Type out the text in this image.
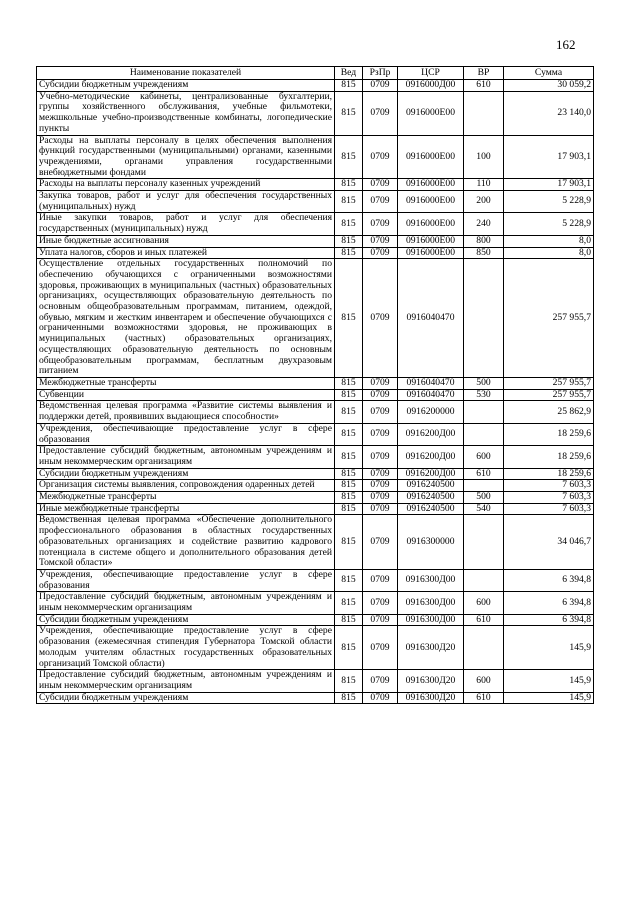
162
Наименование показателей	Вед	РзПр	ЦСР	ВР	Сумма
Субсидии бюджетным учреждениям	815	0709	0916000Д00	610	30 059,2
Учебно-методические кабинеты, централизованные бухгалтерии, группы хозяйственного обслуживания, учебные фильмотеки, межшкольные учебно-производственные комбинаты, логопедические пункты	815	0709	0916000Е00		23 140,0
Расходы на выплаты персоналу в целях обеспечения выполнения функций государственными (муниципальными) органами, казенными учреждениями, органами управления государственными внебюджетными фондами	815	0709	0916000Е00	100	17 903,1
Расходы на выплаты персоналу казенных учреждений	815	0709	0916000Е00	110	17 903,1
Закупка товаров, работ и услуг для обеспечения государственных (муниципальных) нужд	815	0709	0916000Е00	200	5 228,9
Иные закупки товаров, работ и услуг для обеспечения государственных (муниципальных) нужд	815	0709	0916000Е00	240	5 228,9
Иные бюджетные ассигнования	815	0709	0916000Е00	800	8,0
Уплата налогов, сборов и иных платежей	815	0709	0916000Е00	850	8,0
Осуществление отдельных государственных полномочий по обеспечению обучающихся с ограниченными возможностями здоровья, проживающих в муниципальных (частных) образовательных организациях, осуществляющих образовательную деятельность по основным общеобразовательным программам, питанием, одеждой, обувью, мягким и жестким инвентарем и обеспечение обучающихся с ограниченными возможностями здоровья, не проживающих в муниципальных (частных) образовательных организациях, осуществляющих образовательную деятельность по основным общеобразовательным программам, бесплатным двухразовым питанием	815	0709	0916040470		257 955,7
Межбюджетные трансферты	815	0709	0916040470	500	257 955,7
Субвенции	815	0709	0916040470	530	257 955,7
Ведомственная целевая программа «Развитие системы выявления и поддержки детей, проявивших выдающиеся способности»	815	0709	0916200000		25 862,9
Учреждения, обеспечивающие предоставление услуг в сфере образования	815	0709	0916200Д00		18 259,6
Предоставление субсидий бюджетным, автономным учреждениям и иным некоммерческим организациям	815	0709	0916200Д00	600	18 259,6
Субсидии бюджетным учреждениям	815	0709	0916200Д00	610	18 259,6
Организация системы выявления, сопровождения одаренных детей	815	0709	0916240500		7 603,3
Межбюджетные трансферты	815	0709	0916240500	500	7 603,3
Иные межбюджетные трансферты	815	0709	0916240500	540	7 603,3
Ведомственная целевая программа «Обеспечение дополнительного профессионального образования в областных государственных образовательных организациях и содействие развитию кадрового потенциала в системе общего и дополнительного образования детей Томской области»	815	0709	0916300000		34 046,7
Учреждения, обеспечивающие предоставление услуг в сфере образования	815	0709	0916300Д00		6 394,8
Предоставление субсидий бюджетным, автономным учреждениям и иным некоммерческим организациям	815	0709	0916300Д00	600	6 394,8
Субсидии бюджетным учреждениям	815	0709	0916300Д00	610	6 394,8
Учреждения, обеспечивающие предоставление услуг в сфере образования (ежемесячная стипендия Губернатора Томской области молодым учителям областных государственных образовательных организаций Томской области)	815	0709	0916300Д20		145,9
Предоставление субсидий бюджетным, автономным учреждениям и иным некоммерческим организациям	815	0709	0916300Д20	600	145,9
Субсидии бюджетным учреждениям	815	0709	0916300Д20	610	145,9
